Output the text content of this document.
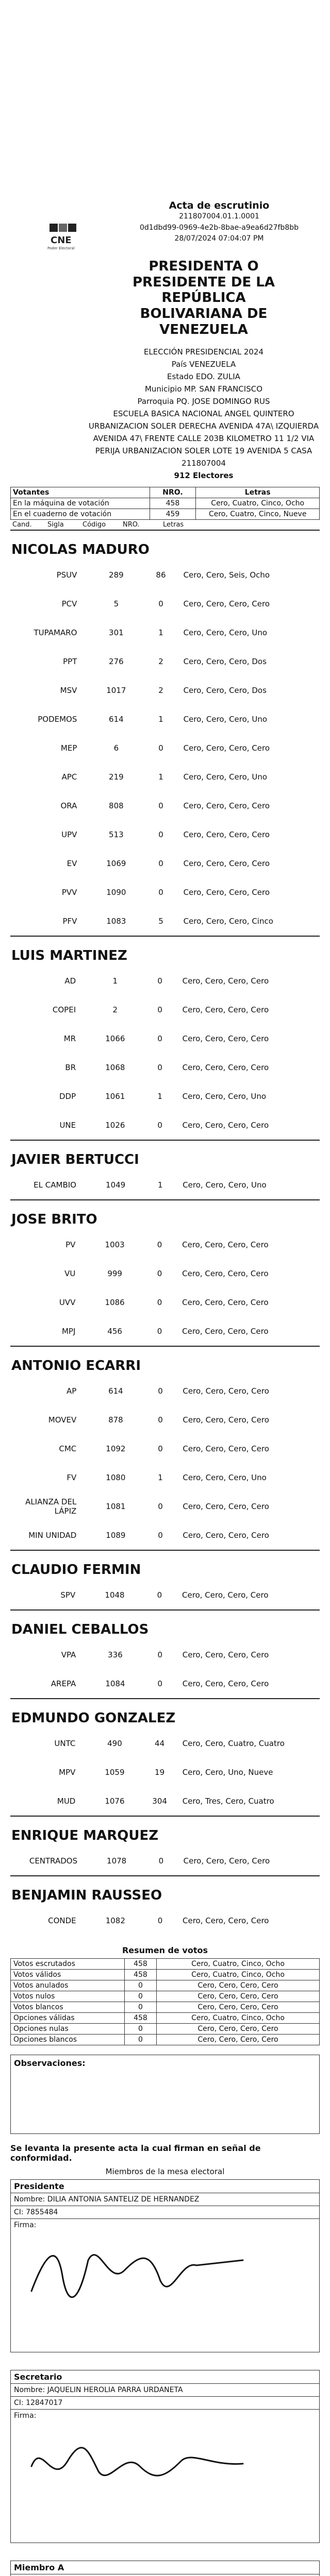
CNE
Poder Electoral
Acta de escrutinio
211807004.01.1.0001
0d1dbd99-0969-4e2b-8bae-a9ea6d27fb8bb
28/07/2024 07:04:07 PM
PRESIDENTA O
PRESIDENTE DE LA
REPÚBLICA
BOLIVARIANA DE
VENEZUELA
ELECCIÓN PRESIDENCIAL 2024
País VENEZUELA
Estado EDO. ZULIA
Municipio MP. SAN FRANCISCO
Parroquia PQ. JOSE DOMINGO RUS
ESCUELA BASICA NACIONAL ANGEL QUINTERO
URBANIZACION SOLER DERECHA AVENIDA 47A\ IZQUIERDA AVENIDA 47\ FRENTE CALLE 203B KILOMETRO 11 1/2 VIA PERIJA URBANIZACION SOLER LOTE 19 AVENIDA 5 CASA
211807004
912 Electores
Votantes	NRO.	Letras
En la máquina de votación	458	Cero, Cuatro, Cinco, Ocho
En el cuaderno de votación	459	Cero, Cuatro, Cinco, Nueve
Cand.	Sigla	Código	NRO.	Letras
NICOLAS MADURO
PSUV	289	86	Cero, Cero, Seis, Ocho
PCV	5	0	Cero, Cero, Cero, Cero
TUPAMARO	301	1	Cero, Cero, Cero, Uno
PPT	276	2	Cero, Cero, Cero, Dos
MSV	1017	2	Cero, Cero, Cero, Dos
PODEMOS	614	1	Cero, Cero, Cero, Uno
MEP	6	0	Cero, Cero, Cero, Cero
APC	219	1	Cero, Cero, Cero, Uno
ORA	808	0	Cero, Cero, Cero, Cero
UPV	513	0	Cero, Cero, Cero, Cero
EV	1069	0	Cero, Cero, Cero, Cero
PVV	1090	0	Cero, Cero, Cero, Cero
PFV	1083	5	Cero, Cero, Cero, Cinco
LUIS MARTINEZ
AD	1	0	Cero, Cero, Cero, Cero
COPEI	2	0	Cero, Cero, Cero, Cero
MR	1066	0	Cero, Cero, Cero, Cero
BR	1068	0	Cero, Cero, Cero, Cero
DDP	1061	1	Cero, Cero, Cero, Uno
UNE	1026	0	Cero, Cero, Cero, Cero
JAVIER BERTUCCI
EL CAMBIO	1049	1	Cero, Cero, Cero, Uno
JOSE BRITO
PV	1003	0	Cero, Cero, Cero, Cero
VU	999	0	Cero, Cero, Cero, Cero
UVV	1086	0	Cero, Cero, Cero, Cero
MPJ	456	0	Cero, Cero, Cero, Cero
ANTONIO ECARRI
AP	614	0	Cero, Cero, Cero, Cero
MOVEV	878	0	Cero, Cero, Cero, Cero
CMC	1092	0	Cero, Cero, Cero, Cero
FV	1080	1	Cero, Cero, Cero, Uno
ALIANZA DEL LÁPIZ	1081	0	Cero, Cero, Cero, Cero
MIN UNIDAD	1089	0	Cero, Cero, Cero, Cero
CLAUDIO FERMIN
SPV	1048	0	Cero, Cero, Cero, Cero
DANIEL CEBALLOS
VPA	336	0	Cero, Cero, Cero, Cero
AREPA	1084	0	Cero, Cero, Cero, Cero
EDMUNDO GONZALEZ
UNTC	490	44	Cero, Cero, Cuatro, Cuatro
MPV	1059	19	Cero, Cero, Uno, Nueve
MUD	1076	304	Cero, Tres, Cero, Cuatro
ENRIQUE MARQUEZ
CENTRADOS	1078	0	Cero, Cero, Cero, Cero
BENJAMIN RAUSSEO
CONDE	1082	0	Cero, Cero, Cero, Cero
Resumen de votos
Votos escrutados	458	Cero, Cuatro, Cinco, Ocho
Votos válidos	458	Cero, Cuatro, Cinco, Ocho
Votos anulados	0	Cero, Cero, Cero, Cero
Votos nulos	0	Cero, Cero, Cero, Cero
Votos blancos	0	Cero, Cero, Cero, Cero
Opciones válidas	458	Cero, Cuatro, Cinco, Ocho
Opciones nulas	0	Cero, Cero, Cero, Cero
Opciones blancos	0	Cero, Cero, Cero, Cero
Observaciones:
Se levanta la presente acta la cual firman en señal de conformidad.
Miembros de la mesa electoral
Presidente
Nombre: DILIA ANTONIA SANTELIZ DE HERNANDEZ
CI: 7855484
Firma:
Secretario
Nombre: JAQUELIN HEROLIA PARRA URDANETA
CI: 12847017
Firma:
Miembro A
